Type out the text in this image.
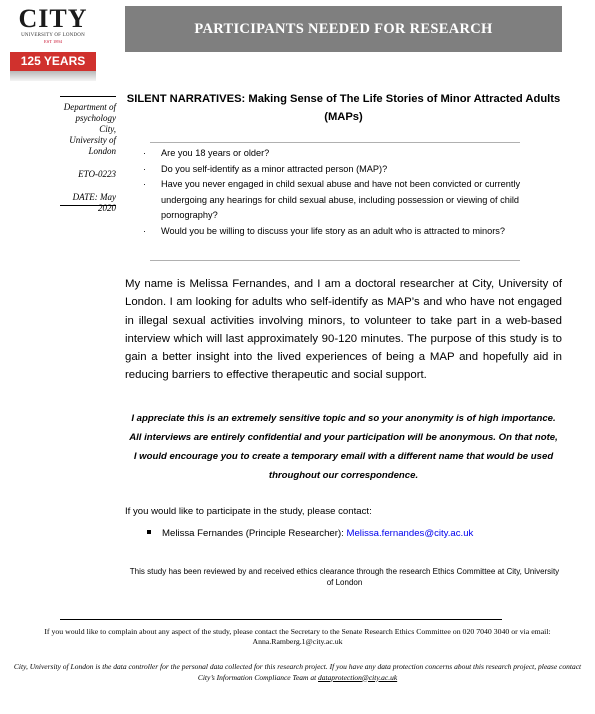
CITY
UNIVERSITY OF LONDON
EST 1894
125 YEARS
Department of psychology City, University of London
ETO-0223
DATE: May 2020
PARTICIPANTS NEEDED FOR RESEARCH
SILENT NARRATIVES: Making Sense of The Life Stories of Minor Attracted Adults (MAPs)
· Are you 18 years or older?
· Do you self-identify as a minor attracted person (MAP)?
· Have you never engaged in child sexual abuse and have not been convicted or currently undergoing any hearings for child sexual abuse, including possession or viewing of child pornography?
· Would you be willing to discuss your life story as an adult who is attracted to minors?
My name is Melissa Fernandes, and I am a doctoral researcher at City, University of London. I am looking for adults who self-identify as MAP’s and who have not engaged in illegal sexual activities involving minors, to volunteer to take part in a web-based interview which will last approximately 90-120 minutes. The purpose of this study is to gain a better insight into the lived experiences of being a MAP and hopefully aid in reducing barriers to effective therapeutic and social support.
I appreciate this is an extremely sensitive topic and so your anonymity is of high importance. All interviews are entirely confidential and your participation will be anonymous. On that note, I would encourage you to create a temporary email with a different name that would be used throughout our correspondence.
If you would like to participate in the study, please contact:
Melissa Fernandes (Principle Researcher): Melissa.fernandes@city.ac.uk
This study has been reviewed by and received ethics clearance through the research Ethics Committee at City, University of London
If you would like to complain about any aspect of the study, please contact the Secretary to the Senate Research Ethics Committee on 020 7040 3040 or via email: Anna.Ramberg.1@city.ac.uk
City, University of London is the data controller for the personal data collected for this research project. If you have any data protection concerns about this research project, please contact City’s Information Compliance Team at dataprotection@city.ac.uk
